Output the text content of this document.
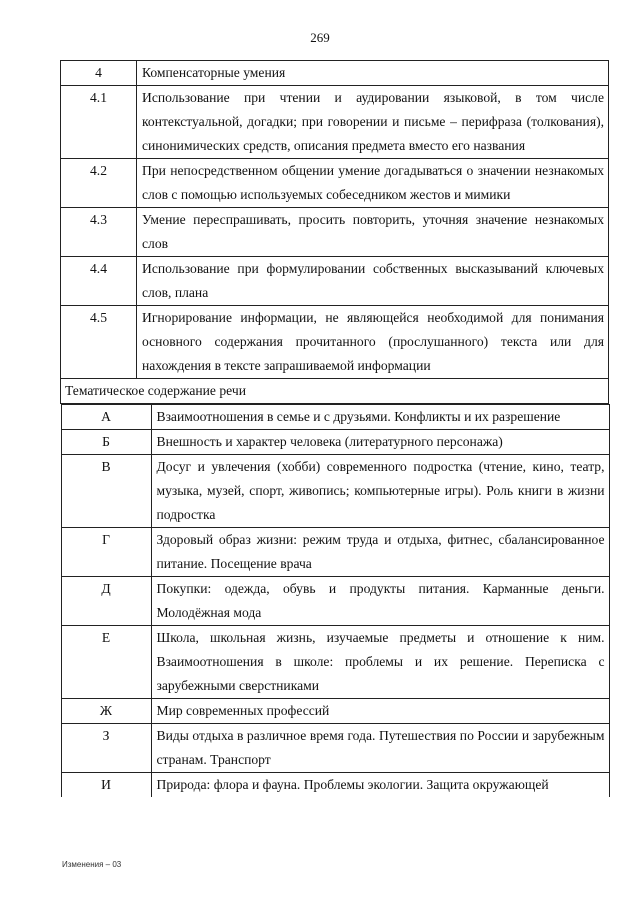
269
4	Компенсаторные умения
4.1	Использование при чтении и аудировании языковой, в том числе контекстуальной, догадки; при говорении и письме – перифраза (толкования), синонимических средств, описания предмета вместо его названия
4.2	При непосредственном общении умение догадываться о значении незнакомых слов с помощью используемых собеседником жестов и мимики
4.3	Умение переспрашивать, просить повторить, уточняя значение незнакомых слов
4.4	Использование при формулировании собственных высказываний ключевых слов, плана
4.5	Игнорирование информации, не являющейся необходимой для понимания основного содержания прочитанного (прослушанного) текста или для нахождения в тексте запрашиваемой информации
Тематическое содержание речи

А	Взаимоотношения в семье и с друзьями. Конфликты и их разрешение
Б	Внешность и характер человека (литературного персонажа)
В	Досуг и увлечения (хобби) современного подростка (чтение, кино, театр, музыка, музей, спорт, живопись; компьютерные игры). Роль книги в жизни подростка
Г	Здоровый образ жизни: режим труда и отдыха, фитнес, сбалансированное питание. Посещение врача
Д	Покупки: одежда, обувь и продукты питания. Карманные деньги. Молодёжная мода
Е	Школа, школьная жизнь, изучаемые предметы и отношение к ним. Взаимоотношения в школе: проблемы и их решение. Переписка с зарубежными сверстниками
Ж	Мир современных профессий
З	Виды отдыха в различное время года. Путешествия по России и зарубежным странам. Транспорт
И	Природа: флора и фауна. Проблемы экологии. Защита окружающей
Изменения – 03
